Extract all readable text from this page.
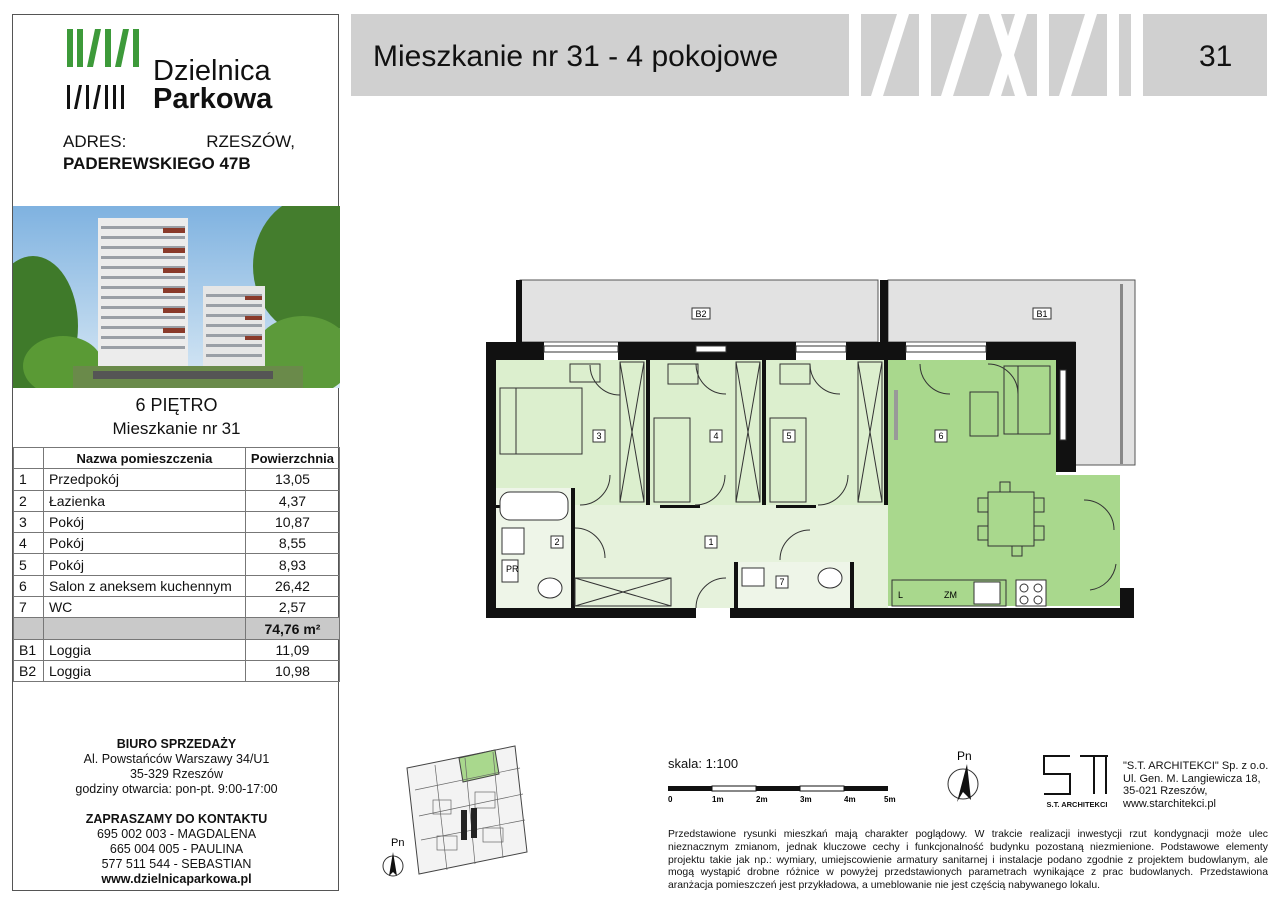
Dzielnica
Parkowa
ADRES:	RZESZÓW,
PADEREWSKIEGO 47B
6 PIĘTRO
Mieszkanie nr 31
	Nazwa pomieszczenia	Powierzchnia
1	Przedpokój	13,05
2	Łazienka	4,37
3	Pokój	10,87
4	Pokój	8,55
5	Pokój	8,93
6	Salon z aneksem kuchennym	26,42
7	WC	2,57
		74,76 m²
B1	Loggia	11,09
B2	Loggia	10,98
BIURO SPRZEDAŻY
Al. Powstańców Warszawy 34/U1
35-329 Rzeszów
godziny otwarcia: pon-pt. 9:00-17:00
ZAPRASZAMY DO KONTAKTU
695 002 003 - MAGDALENA
665 004 005 - PAULINA
577 511 544 - SEBASTIAN
www.dzielnicaparkowa.pl
Mieszkanie nr 31 - 4 pokojowe	31
1
2
3	4	5	6
7
B1
B2
PR
L	ZM
Pn
skala: 1:100
0	1m	2m	3m	4m	5m
Pn
S.T. ARCHITEKCI
"S.T. ARCHITEKCI" Sp. z o.o.
Ul. Gen. M. Langiewicza 18,
35-021 Rzeszów,
www.starchitekci.pl
Przedstawione rysunki mieszkań mają charakter poglądowy. W trakcie realizacji inwestycji rzut kondygnacji może ulec nieznacznym zmianom, jednak kluczowe cechy i funkcjonalność budynku pozostaną niezmienione. Podstawowe elementy projektu takie jak np.: wymiary, umiejscowienie armatury sanitarnej i instalacje podano zgodnie z projektem budowlanym, ale mogą wystąpić drobne różnice w powyżej przedstawionych parametrach wynikające z prac budowlanych. Przedstawiona aranżacja pomieszczeń jest przykładowa, a umeblowanie nie jest częścią nabywanego lokalu.
